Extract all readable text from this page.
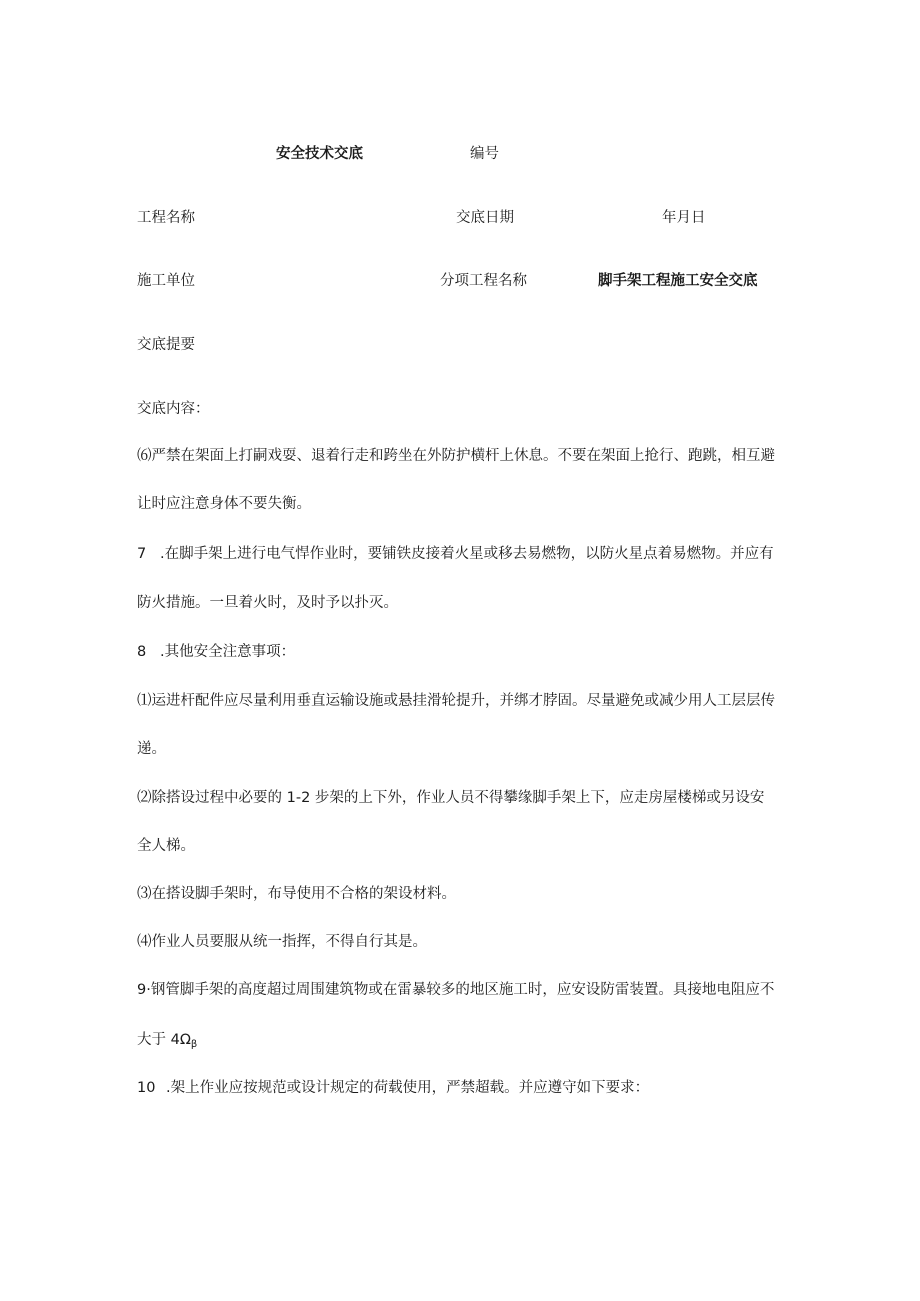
安全技术交底	编号
工程名称	交底日期	年月日
施工单位	分项工程名称	脚手架工程施工安全交底
交底提要
交底内容：
⑹严禁在架面上打嗣戏耍、退着行走和跨坐在外防护横杆上休息。不要在架面上抢行、跑跳，相互避
让时应注意身体不要失衡。
7 .在脚手架上进行电气悍作业时，要铺铁皮接着火星或移去易燃物，以防火星点着易燃物。并应有
防火措施。一旦着火时，及时予以扑灭。
8 .其他安全注意事项：
⑴运进杆配件应尽量利用垂直运输设施或悬挂滑轮提升，并绑才脖固。尽量避免或减少用人工层层传
递。
⑵除搭设过程中必要的 1-2 步架的上下外，作业人员不得攀缘脚手架上下，应走房屋楼梯或另设安
全人梯。
⑶在搭设脚手架时，布导使用不合格的架设材料。
⑷作业人员要服从统一指挥，不得自行其是。
9·钢管脚手架的高度超过周围建筑物或在雷暴较多的地区施工时，应安设防雷装置。具接地电阻应不
大于 $4\Omega_\beta$
10 .架上作业应按规范或设计规定的荷载使用，严禁超载。并应遵守如下要求：
